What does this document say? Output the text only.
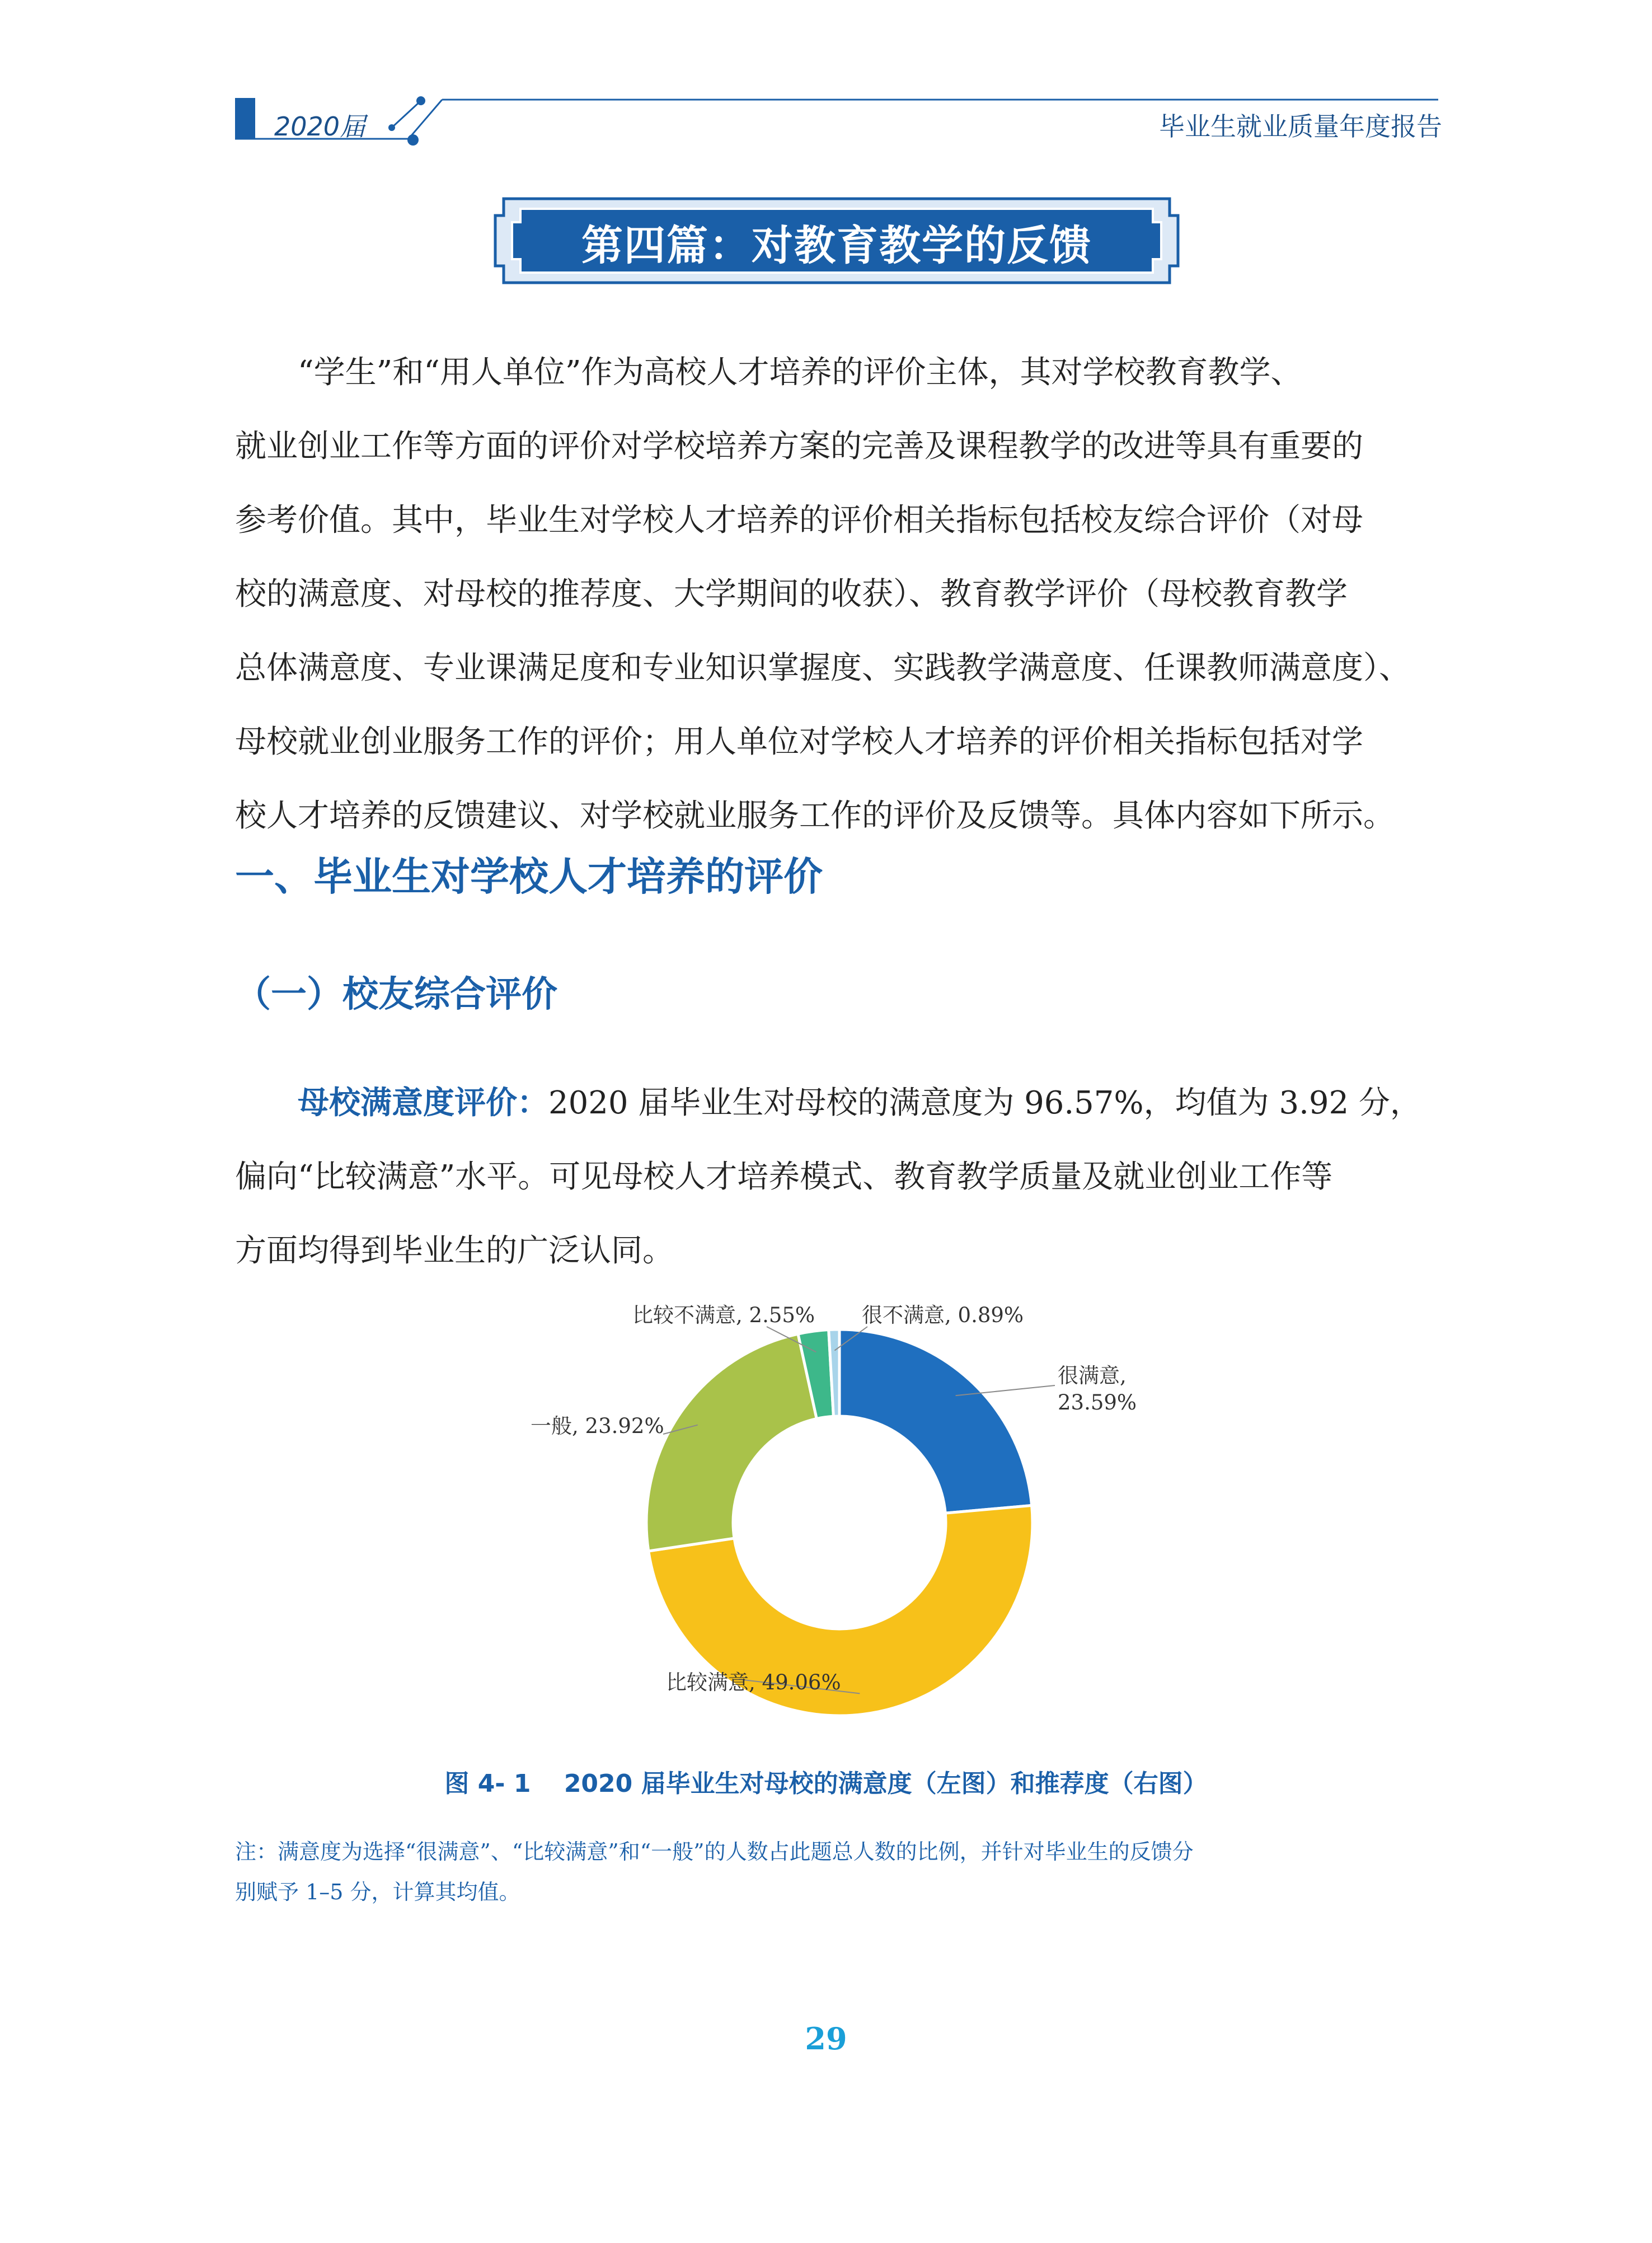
2020届	毕业生就业质量年度报告
第四篇：对教育教学的反馈
“学生”和“用人单位”作为高校人才培养的评价主体，其对学校教育教学、
就业创业工作等方面的评价对学校培养方案的完善及课程教学的改进等具有重要的
参考价值。其中，毕业生对学校人才培养的评价相关指标包括校友综合评价（对母
校的满意度、对母校的推荐度、大学期间的收获）、教育教学评价（母校教育教学
总体满意度、专业课满足度和专业知识掌握度、实践教学满意度、任课教师满意度）、
母校就业创业服务工作的评价；用人单位对学校人才培养的评价相关指标包括对学
校人才培养的反馈建议、对学校就业服务工作的评价及反馈等。具体内容如下所示。
一、毕业生对学校人才培养的评价
（一）校友综合评价
母校满意度评价：2020 届毕业生对母校的满意度为 96.57%，均值为 3.92 分，
偏向“比较满意”水平。可见母校人才培养模式、教育教学质量及就业创业工作等
方面均得到毕业生的广泛认同。
比较不满意, 2.55% 很不满意, 0.89%
很满意,
23.59%
一般, 23.92%
比较满意, 49.06%
图 4- 1　 2020 届毕业生对母校的满意度（左图）和推荐度（右图）
注：满意度为选择“很满意”、“比较满意”和“一般”的人数占此题总人数的比例，并针对毕业生的反馈分
别赋予 1–5 分，计算其均值。
29
